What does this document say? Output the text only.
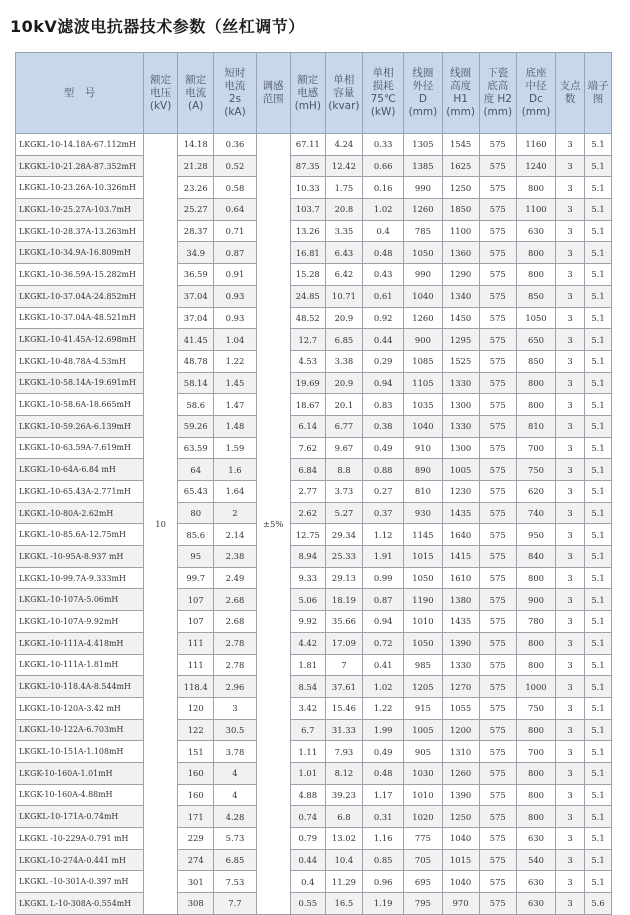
10kV滤波电抗器技术参数（丝杠调节）
型　号	额定
电压
(kV)	额定
电流
(A)	短时
电流
2s
(kA)	调感
范围	额定
电感
(mH)	单相
容量
(kvar)	单相
损耗
75℃
(kW)	线圈
外径
D
(mm)	线圈
高度
H1
(mm)	下瓷
底高
度 H2
(mm)	底座
中径
Dc
(mm)	支点
数	端子
图

LKGKL-10-14.18A-67.112mH	10	14.18	0.36	±5%	67.11	4.24	0.33	1305	1545	575	1160	3	5.1
LKGKL-10-21.28A-87.352mH		21.28	0.52		87.35	12.42	0.66	1385	1625	575	1240	3	5.1
LKGKL-10-23.26A-10.326mH		23.26	0.58		10.33	1.75	0.16	990	1250	575	800	3	5.1
LKGKL-10-25.27A-103.7mH		25.27	0.64		103.7	20.8	1.02	1260	1850	575	1100	3	5.1
LKGKL-10-28.37A-13.263mH		28.37	0.71		13.26	3.35	0.4	785	1100	575	630	3	5.1
LKGKL-10-34.9A-16.809mH		34.9	0.87		16.81	6.43	0.48	1050	1360	575	800	3	5.1
LKGKL-10-36.59A-15.282mH		36.59	0.91		15.28	6.42	0.43	990	1290	575	800	3	5.1
LKGKL-10-37.04A-24.852mH		37.04	0.93		24.85	10.71	0.61	1040	1340	575	850	3	5.1
LKGKL-10-37.04A-48.521mH		37.04	0.93		48.52	20.9	0.92	1260	1450	575	1050	3	5.1
LKGKL-10-41.45A-12.698mH		41.45	1.04		12.7	6.85	0.44	900	1295	575	650	3	5.1
LKGKL-10-48.78A-4.53mH		48.78	1.22		4.53	3.38	0.29	1085	1525	575	850	3	5.1
LKGKL-10-58.14A-19.691mH		58.14	1.45		19.69	20.9	0.94	1105	1330	575	800	3	5.1
LKGKL-10-58.6A-18.665mH		58.6	1.47		18.67	20.1	0.83	1035	1300	575	800	3	5.1
LKGKL-10-59.26A-6.139mH		59.26	1.48		6.14	6.77	0.38	1040	1330	575	810	3	5.1
LKGKL-10-63.59A-7.619mH		63.59	1.59		7.62	9.67	0.49	910	1300	575	700	3	5.1
LKGKL-10-64A-6.84 mH		64	1.6		6.84	8.8	0.88	890	1005	575	750	3	5.1
LKGKL-10-65.43A-2.771mH		65.43	1.64		2.77	3.73	0.27	810	1230	575	620	3	5.1
LKGKL-10-80A-2.62mH		80	2		2.62	5.27	0.37	930	1435	575	740	3	5.1
LKGKL-10-85.6A-12.75mH		85.6	2.14		12.75	29.34	1.12	1145	1640	575	950	3	5.1
LKGKL -10-95A-8.937 mH		95	2.38		8.94	25.33	1.91	1015	1415	575	840	3	5.1
LKGKL-10-99.7A-9.333mH		99.7	2.49		9.33	29.13	0.99	1050	1610	575	800	3	5.1
LKGKL-10-107A-5.06mH		107	2.68		5.06	18.19	0.87	1190	1380	575	900	3	5.1
LKGKL-10-107A-9.92mH		107	2.68		9.92	35.66	0.94	1010	1435	575	780	3	5.1
LKGKL-10-111A-4.418mH		111	2.78		4.42	17.09	0.72	1050	1390	575	800	3	5.1
LKGKL-10-111A-1.81mH		111	2.78		1.81	7	0.41	985	1330	575	800	3	5.1
LKGKL-10-118.4A-8.544mH		118.4	2.96		8.54	37.61	1.02	1205	1270	575	1000	3	5.1
LKGKL-10-120A-3.42 mH		120	3		3.42	15.46	1.22	915	1055	575	750	3	5.1
LKGKL-10-122A-6.703mH		122	30.5		6.7	31.33	1.99	1005	1200	575	800	3	5.1
LKGKL-10-151A-1.108mH		151	3.78		1.11	7.93	0.49	905	1310	575	700	3	5.1
LKGK-10-160A-1.01mH		160	4		1.01	8.12	0.48	1030	1260	575	800	3	5.1
LKGK-10-160A-4.88mH		160	4		4.88	39.23	1.17	1010	1390	575	800	3	5.1
LKGKL-10-171A-0.74mH		171	4.28		0.74	6.8	0.31	1020	1250	575	800	3	5.1
LKGKL -10-229A-0.791 mH		229	5.73		0.79	13.02	1.16	775	1040	575	630	3	5.1
LKGKL-10-274A-0.441 mH		274	6.85		0.44	10.4	0.85	705	1015	575	540	3	5.1
LKGKL -10-301A-0.397 mH		301	7.53		0.4	11.29	0.96	695	1040	575	630	3	5.1
LKGKL L-10-308A-0.554mH		308	7.7		0.55	16.5	1.19	795	970	575	630	3	5.6
